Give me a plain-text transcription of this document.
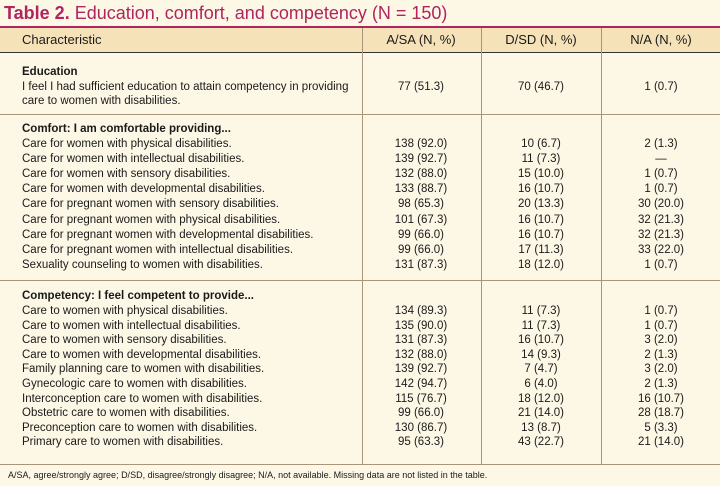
Table 2. Education, comfort, and competency (N = 150)
Characteristic	A/SA (N, %)	D/SD (N, %)	N/A (N, %)
Education
I feel I had sufficient education to attain competency in providing	77 (51.3)	70 (46.7)	1 (0.7)
care to women with disabilities.
Comfort: I am comfortable providing...
Care for women with physical disabilities.	138 (92.0)	10 (6.7)	2 (1.3)
Care for women with intellectual disabilities.	139 (92.7)	11 (7.3)	—
Care for women with sensory disabilities.	132 (88.0)	15 (10.0)	1 (0.7)
Care for women with developmental disabilities.	133 (88.7)	16 (10.7)	1 (0.7)
Care for pregnant women with sensory disabilities.	98 (65.3)	20 (13.3)	30 (20.0)
Care for pregnant women with physical disabilities.	101 (67.3)	16 (10.7)	32 (21.3)
Care for pregnant women with developmental disabilities.	99 (66.0)	16 (10.7)	32 (21.3)
Care for pregnant women with intellectual disabilities.	99 (66.0)	17 (11.3)	33 (22.0)
Sexuality counseling to women with disabilities.	131 (87.3)	18 (12.0)	1 (0.7)
Competency: I feel competent to provide...
Care to women with physical disabilities.	134 (89.3)	11 (7.3)	1 (0.7)
Care to women with intellectual disabilities.	135 (90.0)	11 (7.3)	1 (0.7)
Care to women with sensory disabilities.	131 (87.3)	16 (10.7)	3 (2.0)
Care to women with developmental disabilities.	132 (88.0)	14 (9.3)	2 (1.3)
Family planning care to women with disabilities.	139 (92.7)	7 (4.7)	3 (2.0)
Gynecologic care to women with disabilities.	142 (94.7)	6 (4.0)	2 (1.3)
Interconception care to women with disabilities.	115 (76.7)	18 (12.0)	16 (10.7)
Obstetric care to women with disabilities.	99 (66.0)	21 (14.0)	28 (18.7)
Preconception care to women with disabilities.	130 (86.7)	13 (8.7)	5 (3.3)
Primary care to women with disabilities.	95 (63.3)	43 (22.7)	21 (14.0)
A/SA, agree/strongly agree; D/SD, disagree/strongly disagree; N/A, not available. Missing data are not listed in the table.
